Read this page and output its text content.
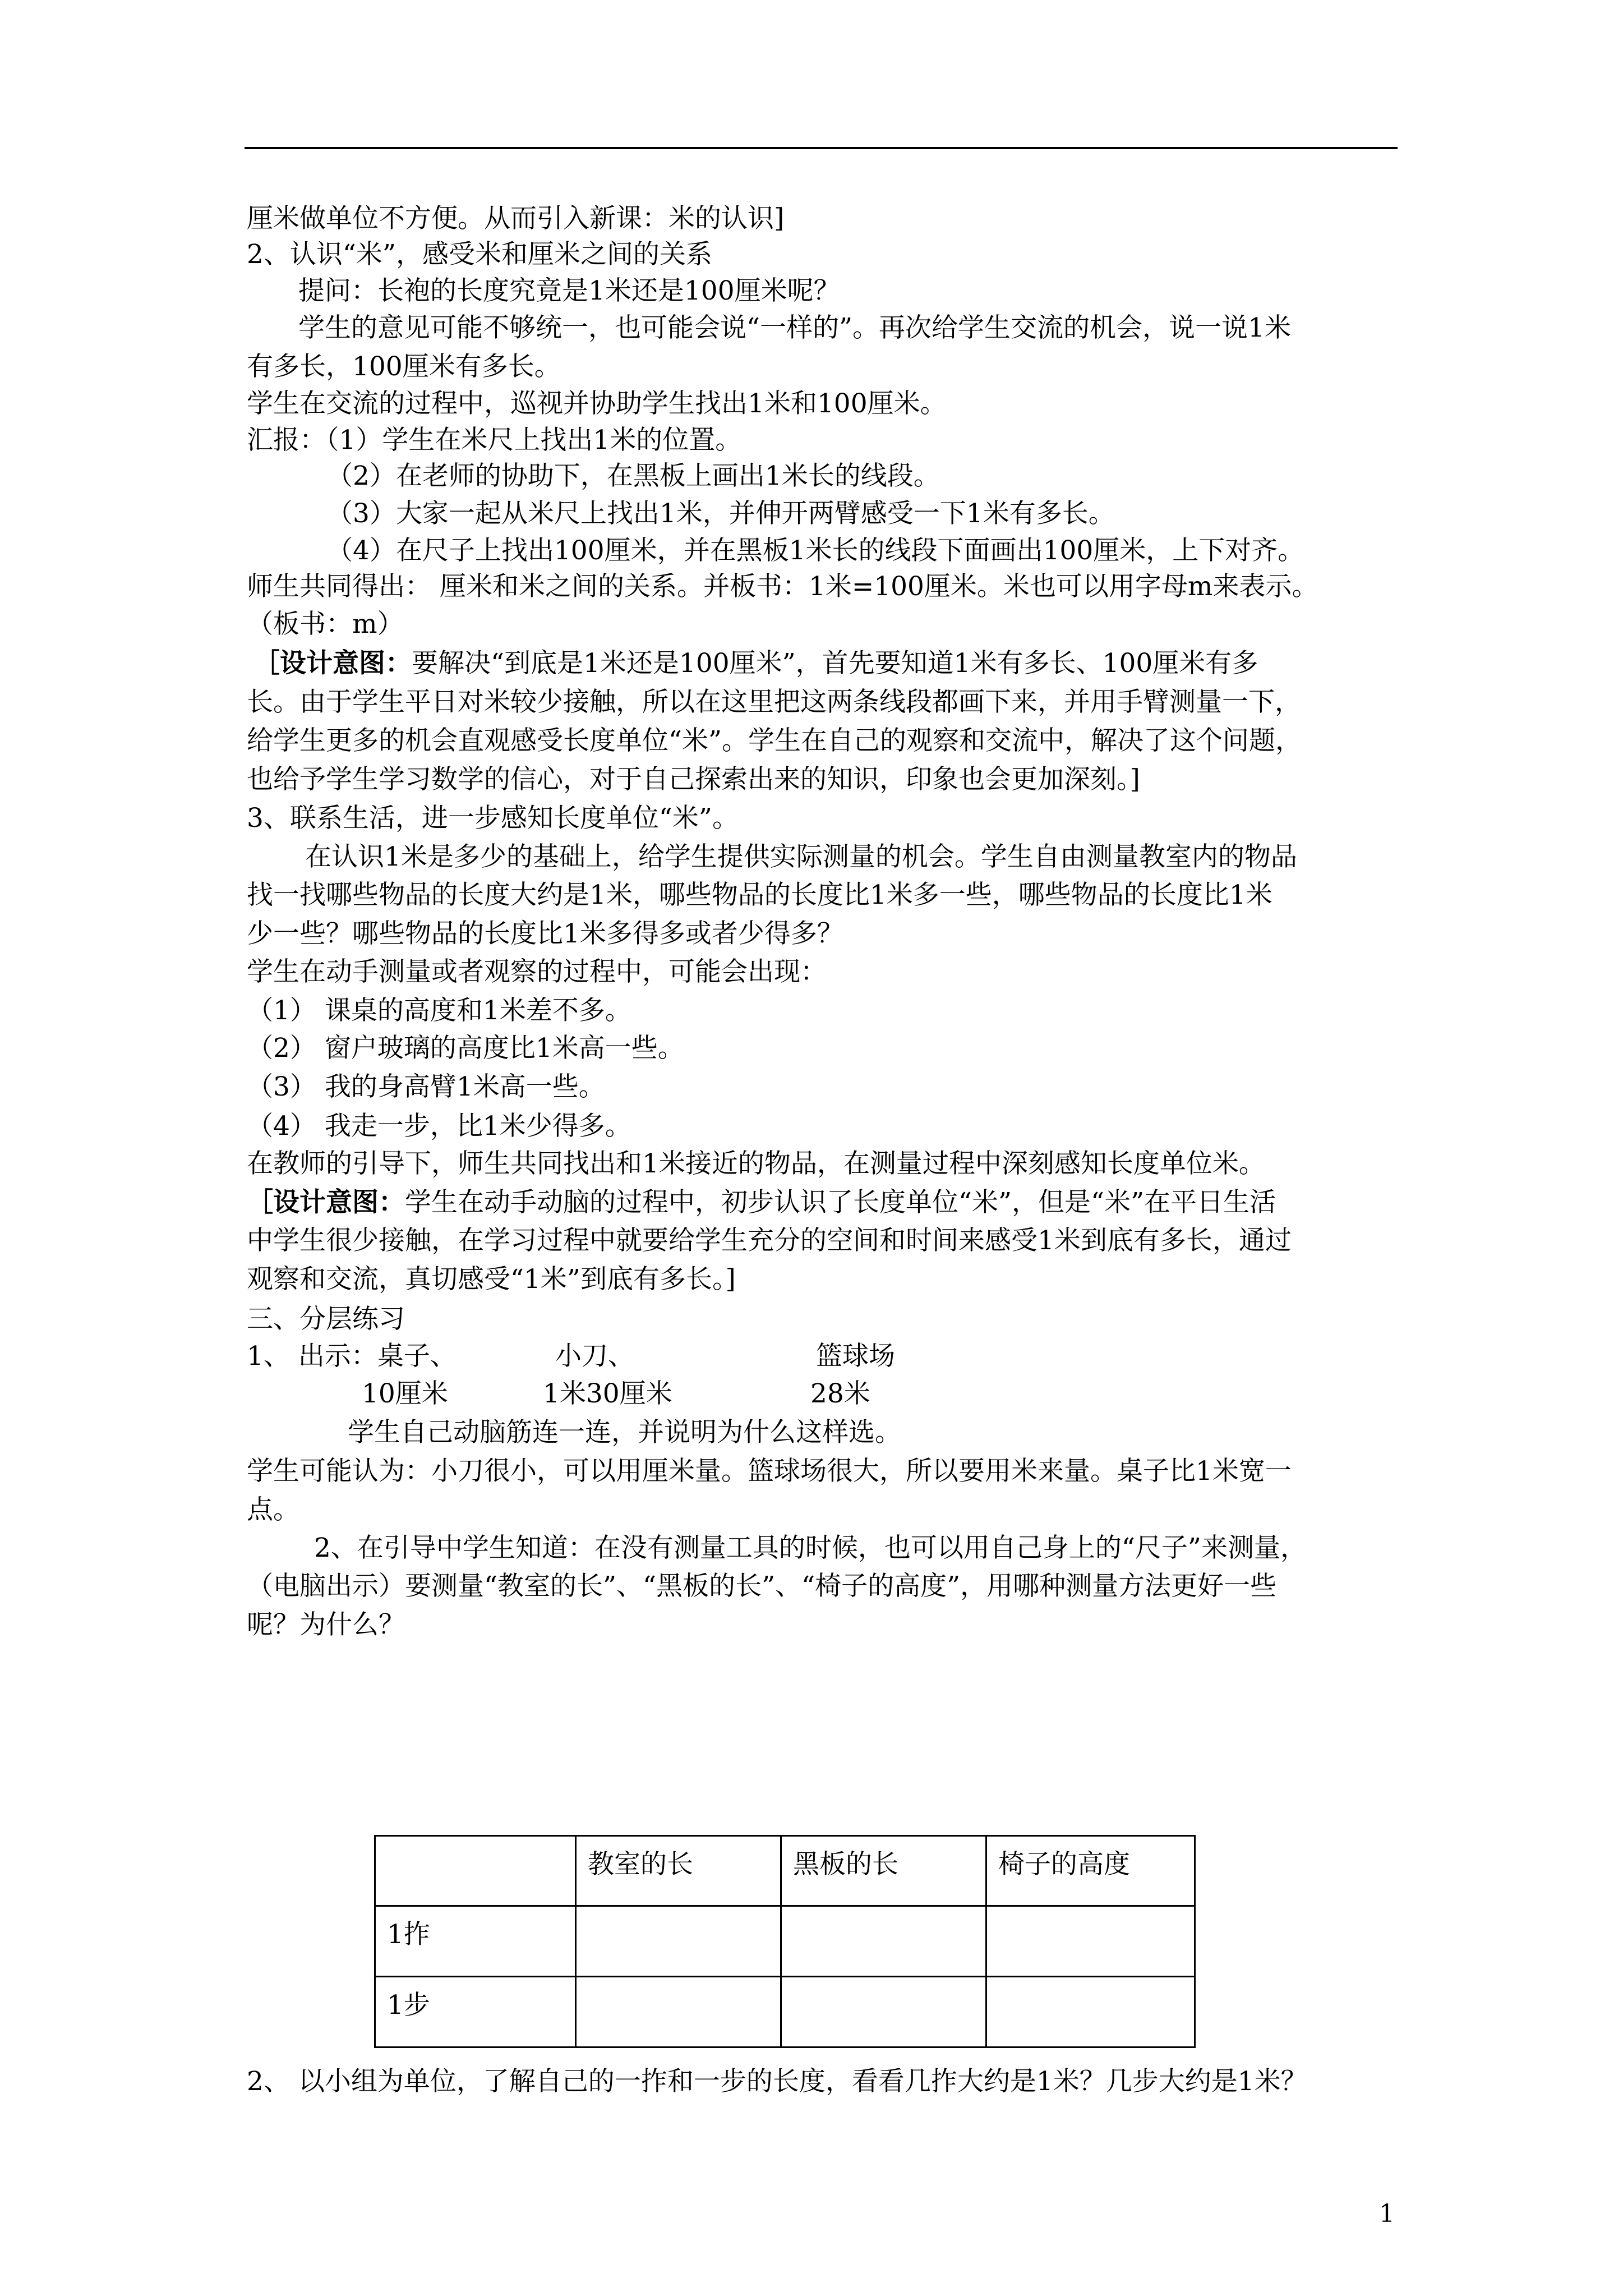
厘米做单位不方便。从而引入新课：米的认识]
2、认识“米”，感受米和厘米之间的关系
提问：长袍的长度究竟是1米还是100厘米呢？
学生的意见可能不够统一，也可能会说“一样的”。再次给学生交流的机会，说一说1米
有多长，100厘米有多长。
学生在交流的过程中，巡视并协助学生找出1米和100厘米。
汇报：（1）学生在米尺上找出1米的位置。
（2）在老师的协助下，在黑板上画出1米长的线段。
（3）大家一起从米尺上找出1米，并伸开两臂感受一下1米有多长。
（4）在尺子上找出100厘米，并在黑板1米长的线段下面画出100厘米，上下对齐。
师生共同得出： 厘米和米之间的关系。并板书：1米=100厘米。米也可以用字母m来表示。
（板书：m）
［设计意图：要解决“到底是1米还是100厘米”，首先要知道1米有多长、100厘米有多
长。由于学生平日对米较少接触，所以在这里把这两条线段都画下来，并用手臂测量一下，
给学生更多的机会直观感受长度单位“米”。学生在自己的观察和交流中，解决了这个问题，
也给予学生学习数学的信心，对于自己探索出来的知识，印象也会更加深刻。]
3、联系生活，进一步感知长度单位“米”。
在认识1米是多少的基础上，给学生提供实际测量的机会。学生自由测量教室内的物品
找一找哪些物品的长度大约是1米，哪些物品的长度比1米多一些，哪些物品的长度比1米
少一些？哪些物品的长度比1米多得多或者少得多？
学生在动手测量或者观察的过程中，可能会出现：
（1） 课桌的高度和1米差不多。
（2） 窗户玻璃的高度比1米高一些。
（3） 我的身高臂1米高一些。
（4） 我走一步，比1米少得多。
在教师的引导下，师生共同找出和1米接近的物品，在测量过程中深刻感知长度单位米。
［设计意图：学生在动手动脑的过程中，初步认识了长度单位“米”，但是“米”在平日生活
中学生很少接触，在学习过程中就要给学生充分的空间和时间来感受1米到底有多长，通过
观察和交流，真切感受“1米”到底有多长。]
三、分层练习
1、 出示：桌子、	小刀、	篮球场
10厘米	1米30厘米	28米
学生自己动脑筋连一连，并说明为什么这样选。
学生可能认为：小刀很小，可以用厘米量。篮球场很大，所以要用米来量。桌子比1米宽一
点。
2、在引导中学生知道：在没有测量工具的时候，也可以用自己身上的“尺子”来测量，
（电脑出示）要测量“教室的长”、“黑板的长”、“椅子的高度”，用哪种测量方法更好一些
呢？为什么？
	教室的长	黑板的长	椅子的高度
1拃			
1步			
2、 以小组为单位，了解自己的一拃和一步的长度，看看几拃大约是1米？几步大约是1米？
1
